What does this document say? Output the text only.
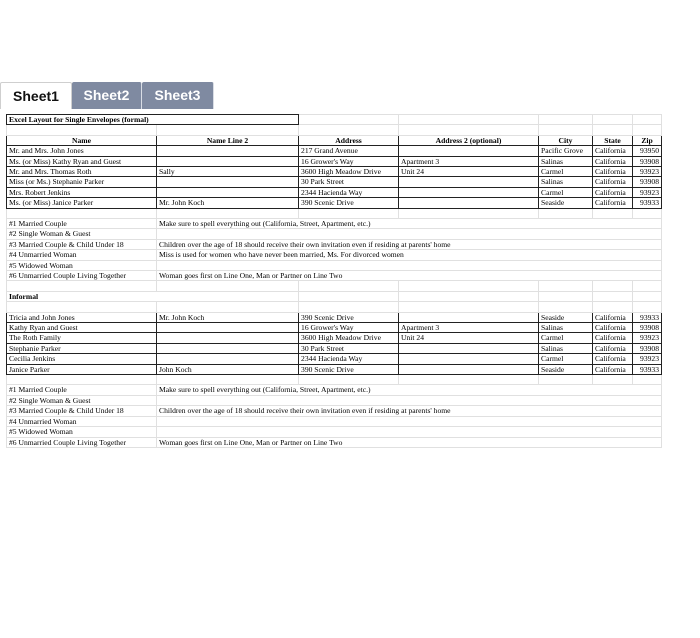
Sheet1	Sheet2	Sheet3
Excel Layout for Single Envelopes (formal)						

Name	Name Line 2	Address	Address 2 (optional)	City	State	Zip
Mr. and Mrs. John Jones		217 Grand Avenue		Pacific Grove	California	93950
Ms. (or Miss) Kathy Ryan and Guest		16 Grower's Way	Apartment 3	Salinas	California	93908
Mr. and Mrs. Thomas Roth	Sally	3600 High Meadow Drive	Unit 24	Carmel	California	93923
Miss (or Ms.) Stephanie Parker		30 Park Street		Salinas	California	93908
Mrs. Robert Jenkins		2344 Hacienda Way		Carmel	California	93923
Ms. (or Miss) Janice Parker	Mr. John Koch	390 Scenic Drive		Seaside	California	93933

#1 Married Couple	Make sure to spell everything out (California, Street, Apartment, etc.)					
#2 Single Woman & Guest						
#3 Married Couple & Child Under 18	Children over the age of 18 should receive their own invitation even if residing at parents' home					
#4 Unmarried Woman	Miss is used for women who have never been married, Ms. For divorced women					
#5 Widowed Woman						
#6 Unmarried Couple Living Together	Woman goes first on Line One, Man or Partner on Line Two					

Informal						

Tricia and John Jones	Mr. John Koch	390 Scenic Drive		Seaside	California	93933
Kathy Ryan and Guest		16 Grower's Way	Apartment 3	Salinas	California	93908
The Roth Family		3600 High Meadow Drive	Unit 24	Carmel	California	93923
Stephanie Parker		30 Park Street		Salinas	California	93908
Cecilia Jenkins		2344 Hacienda Way		Carmel	California	93923
Janice Parker	John Koch	390 Scenic Drive		Seaside	California	93933

#1 Married Couple	Make sure to spell everything out (California, Street, Apartment, etc.)					
#2 Single Woman & Guest						
#3 Married Couple & Child Under 18	Children over the age of 18 should receive their own invitation even if residing at parents' home					
#4 Unmarried Woman						
#5 Widowed Woman						
#6 Unmarried Couple Living Together	Woman goes first on Line One, Man or Partner on Line Two					
